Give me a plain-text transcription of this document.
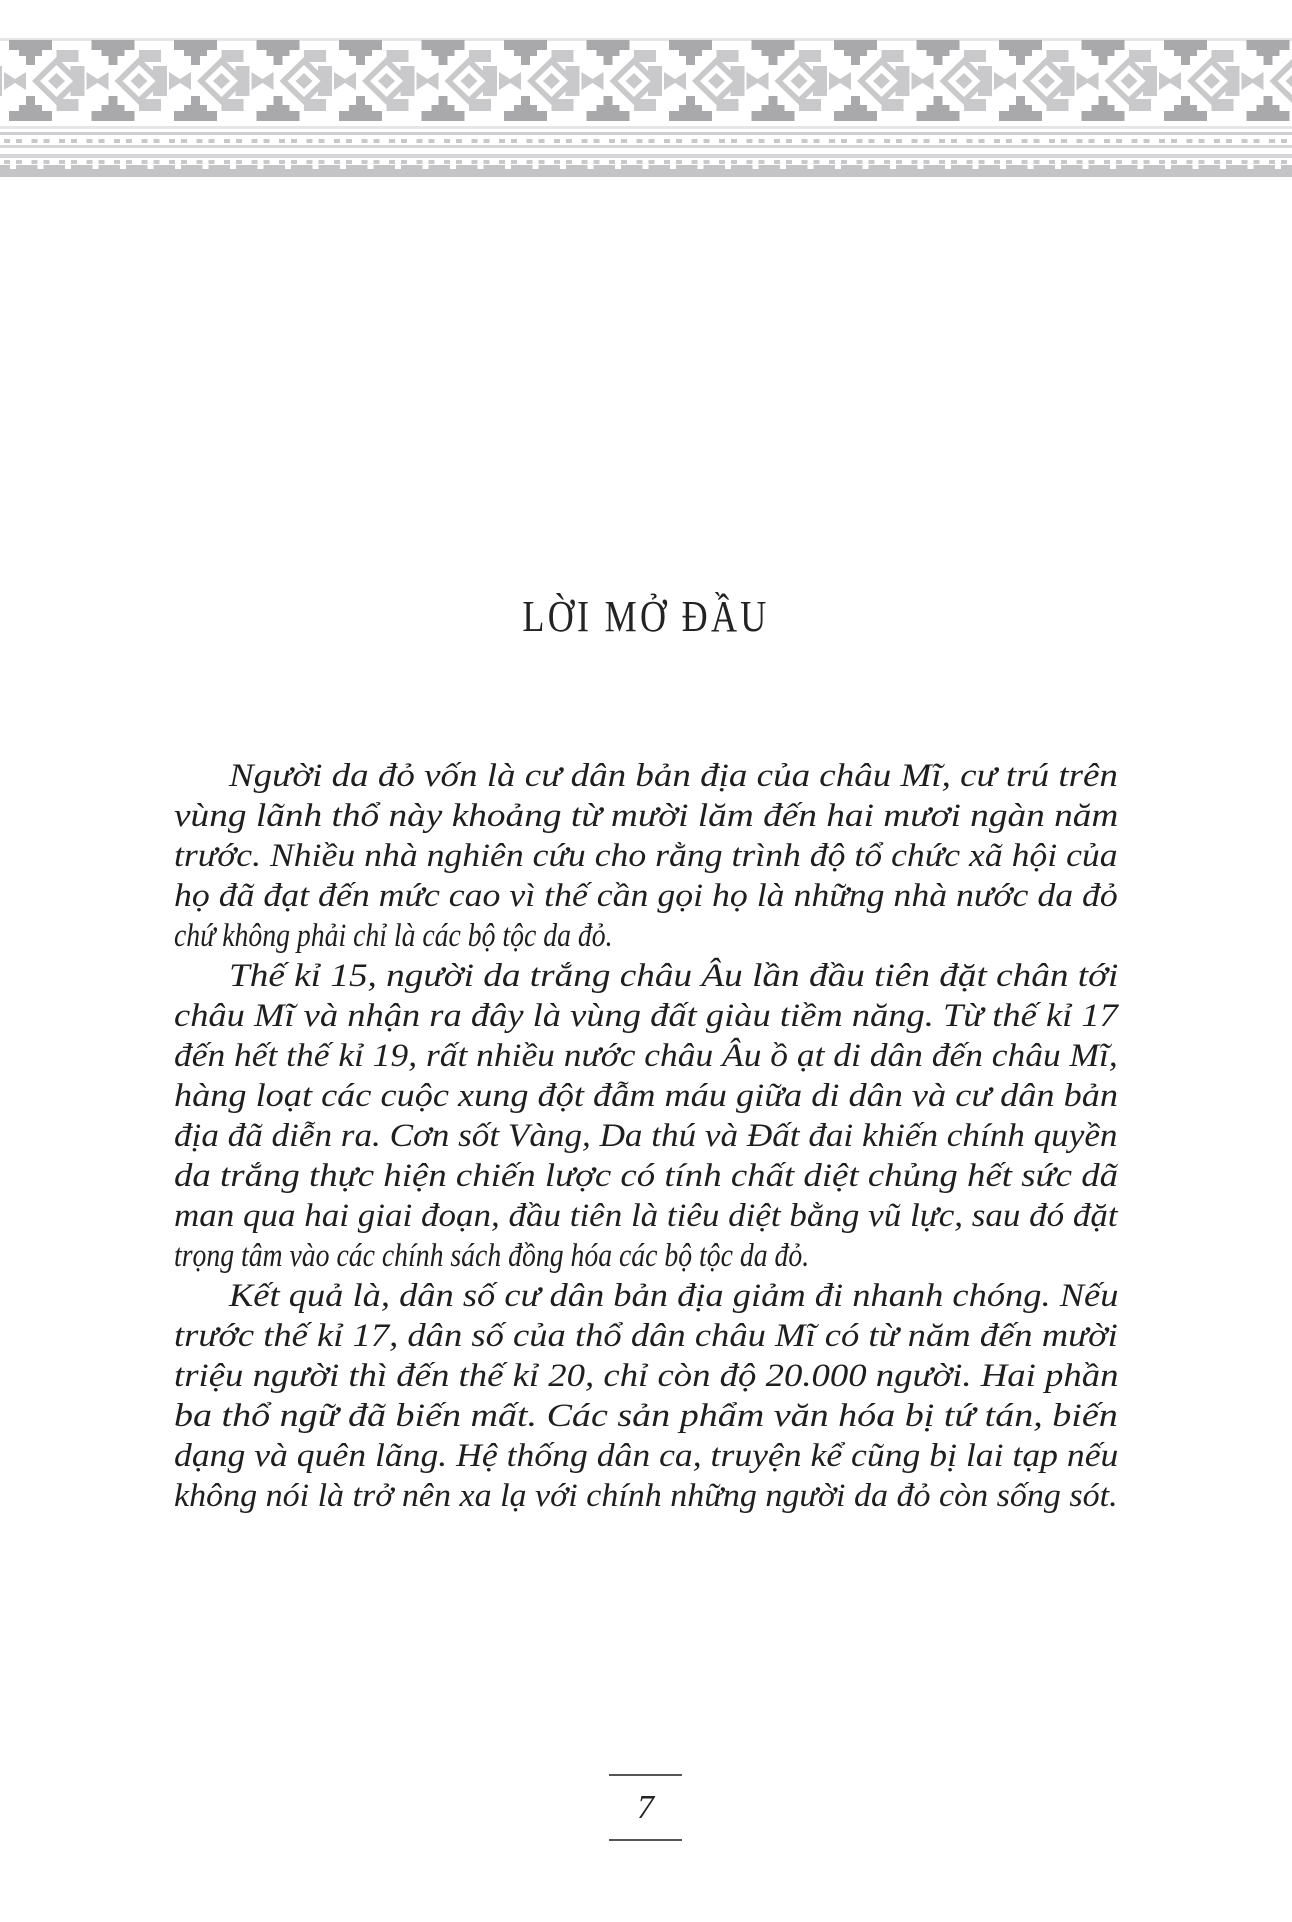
LỜI MỞ ĐẦU

Người da đỏ vốn là cư dân bản địa của châu Mĩ, cư trú trên
vùng lãnh thổ này khoảng từ mười lăm đến hai mươi ngàn năm
trước. Nhiều nhà nghiên cứu cho rằng trình độ tổ chức xã hội của
họ đã đạt đến mức cao vì thế cần gọi họ là những nhà nước da đỏ
chứ không phải chỉ là các bộ tộc da đỏ.

Thế kỉ 15, người da trắng châu Âu lần đầu tiên đặt chân tới
châu Mĩ và nhận ra đây là vùng đất giàu tiềm năng. Từ thế kỉ 17
đến hết thế kỉ 19, rất nhiều nước châu Âu ồ ạt di dân đến châu Mĩ,
hàng loạt các cuộc xung đột đẫm máu giữa di dân và cư dân bản
địa đã diễn ra. Cơn sốt Vàng, Da thú và Đất đai khiến chính quyền
da trắng thực hiện chiến lược có tính chất diệt chủng hết sức dã
man qua hai giai đoạn, đầu tiên là tiêu diệt bằng vũ lực, sau đó đặt
trọng tâm vào các chính sách đồng hóa các bộ tộc da đỏ.

Kết quả là, dân số cư dân bản địa giảm đi nhanh chóng. Nếu
trước thế kỉ 17, dân số của thổ dân châu Mĩ có từ năm đến mười
triệu người thì đến thế kỉ 20, chỉ còn độ 20.000 người. Hai phần
ba thổ ngữ đã biến mất. Các sản phẩm văn hóa bị tứ tán, biến
dạng và quên lãng. Hệ thống dân ca, truyện kể cũng bị lai tạp nếu
không nói là trở nên xa lạ với chính những người da đỏ còn sống sót.

7
